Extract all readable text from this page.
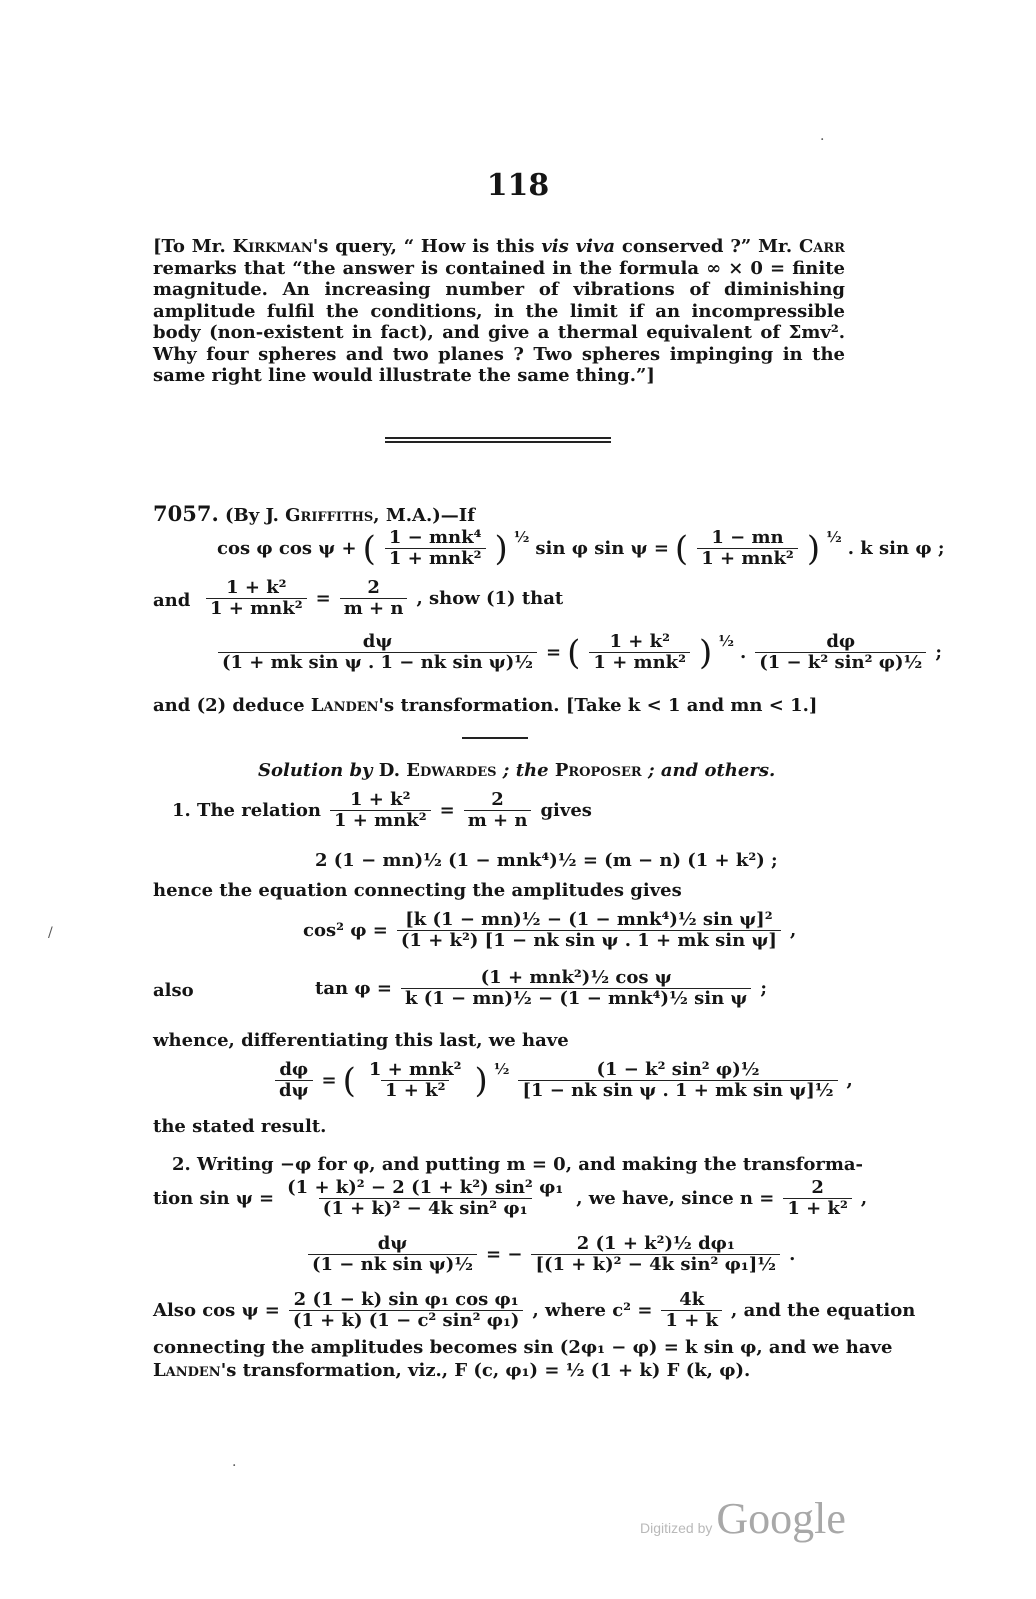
·
/
·
118
[To Mr. Kirkman's query, “ How is this vis viva conserved ?” Mr. Carr remarks that “the answer is contained in the formula ∞ × 0 = finite magnitude. An increasing number of vibrations of diminishing amplitude fulfil the conditions, in the limit if an incompressible body (non-existent in fact), and give a thermal equivalent of Σmv². Why four spheres and two planes ? Two spheres impinging in the same right line would illustrate the same thing.”]
7057. (By J. Griffiths, M.A.)—If
cos φ cos ψ + ( $\frac{\text{1 − mnk⁴}}{\text{1 + mnk²}}$ ) ½
sin φ sin ψ = ( $\frac{1 - mn}{\text{1 + mnk²}}$ ) ½
. k sin φ ;
and $\frac{\text{1 + k²}}{\text{1 + mnk²}} = \frac{2}{m + n}$ , show (1) that
$\frac{d\psi}{\text{(1 + mk sin ψ . 1 − nk sin ψ)½}}$ = ( $\frac{\text{1 + k²}}{\text{1 + mnk²}}$ ) ½
. $\frac{d\varphi}{\text{(1 − k² sin² φ)½}}$ ;
and (2) deduce Landen's transformation. [Take k < 1 and mn < 1.]
Solution by D. Edwardes ; the Proposer ; and others.
1. The relation $\frac{\text{1 + k²}}{\text{1 + mnk²}} = \frac{2}{m + n}$ gives
2 (1 − mn)½ (1 − mnk⁴)½ = (m − n) (1 + k²) ;
hence the equation connecting the amplitudes gives
cos² $\varphi = \frac{\text{[k (1 − mn)½ − (1 − mnk⁴)½ sin ψ]²}}{\text{(1 + k²) [1 − nk sin ψ . 1 + mk sin ψ]}}$ ,
also	$\tan \varphi = \frac{\text{(1 + mnk²)½ cos ψ}}{\text{k (1 − mn)½ − (1 − mnk⁴)½ sin ψ}}$ ;
whence, differentiating this last, we have
$\frac{d\varphi}{d\psi}$ = ( $\frac{\text{1 + mnk²}}{\text{1 + k²}}$ ) ½ $\frac{\text{(1 − k² sin² φ)½}}{\text{[1 − nk sin ψ . 1 + mk sin ψ]½}}$ ,
the stated result.
2. Writing −φ for φ, and putting m = 0, and making the transforma-
tion $\sin \psi = \frac{\text{(1 + k)² − 2 (1 + k²) sin² φ₁}}{\text{(1 + k)² − 4k sin² φ₁}}$ , we have, since $n = \frac{2}{\text{1 + k²}}$ ,
$\frac{d\psi}{\text{(1 − nk sin ψ)½}}$ = − $\frac{\text{2 (1 + k²)½ dφ₁}}{\text{[(1 + k)² − 4k sin² φ₁]½}}$ .
Also $\cos \psi = \frac{\text{2 (1 − k) sin φ₁ cos φ₁}}{\text{(1 + k) (1 − c² sin² φ₁)}}$ , where $c^2 = \frac{4k}{1 + k}$ , and the equation
connecting the amplitudes becomes sin (2φ₁ − φ) = k sin φ, and we have
Landen's transformation, viz., F (c, φ₁) = ½ (1 + k) F (k, φ).
Digitized by Google
